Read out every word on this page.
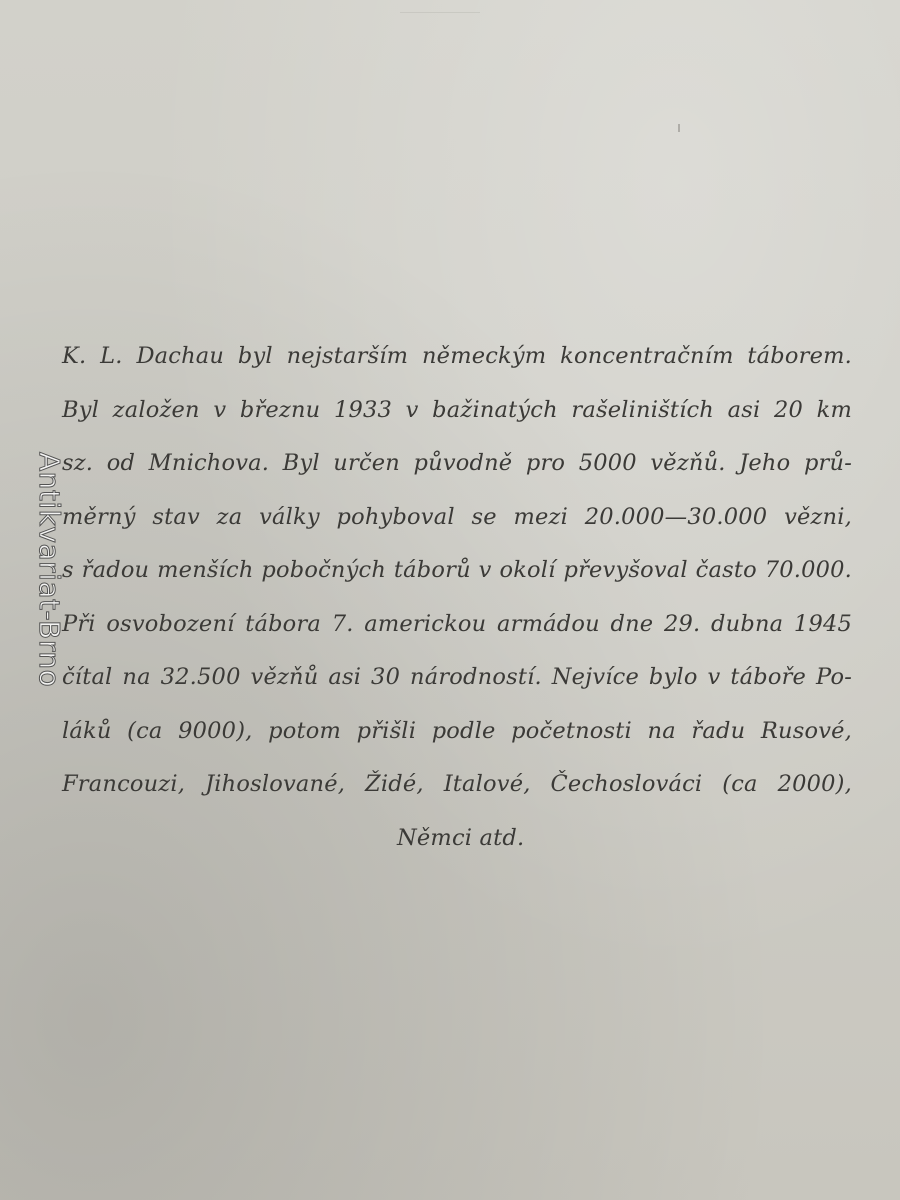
K. L. Dachau byl nejstarším německým koncentračním táborem.
Byl založen v březnu 1933 v bažinatých rašeliništích asi 20 km
sz. od Mnichova. Byl určen původně pro 5000 vězňů. Jeho prů-
měrný stav za války pohyboval se mezi 20.000—30.000 vězni,
s řadou menších pobočných táborů v okolí převyšoval často 70.000.
Při osvobození tábora 7. americkou armádou dne 29. dubna 1945
čítal na 32.500 vězňů asi 30 národností. Nejvíce bylo v táboře Po-
láků (ca 9000), potom přišli podle početnosti na řadu Rusové,
Francouzi, Jihoslované, Židé, Italové, Čechoslováci (ca 2000),
Němci atd.
Antikvariat-Brno
